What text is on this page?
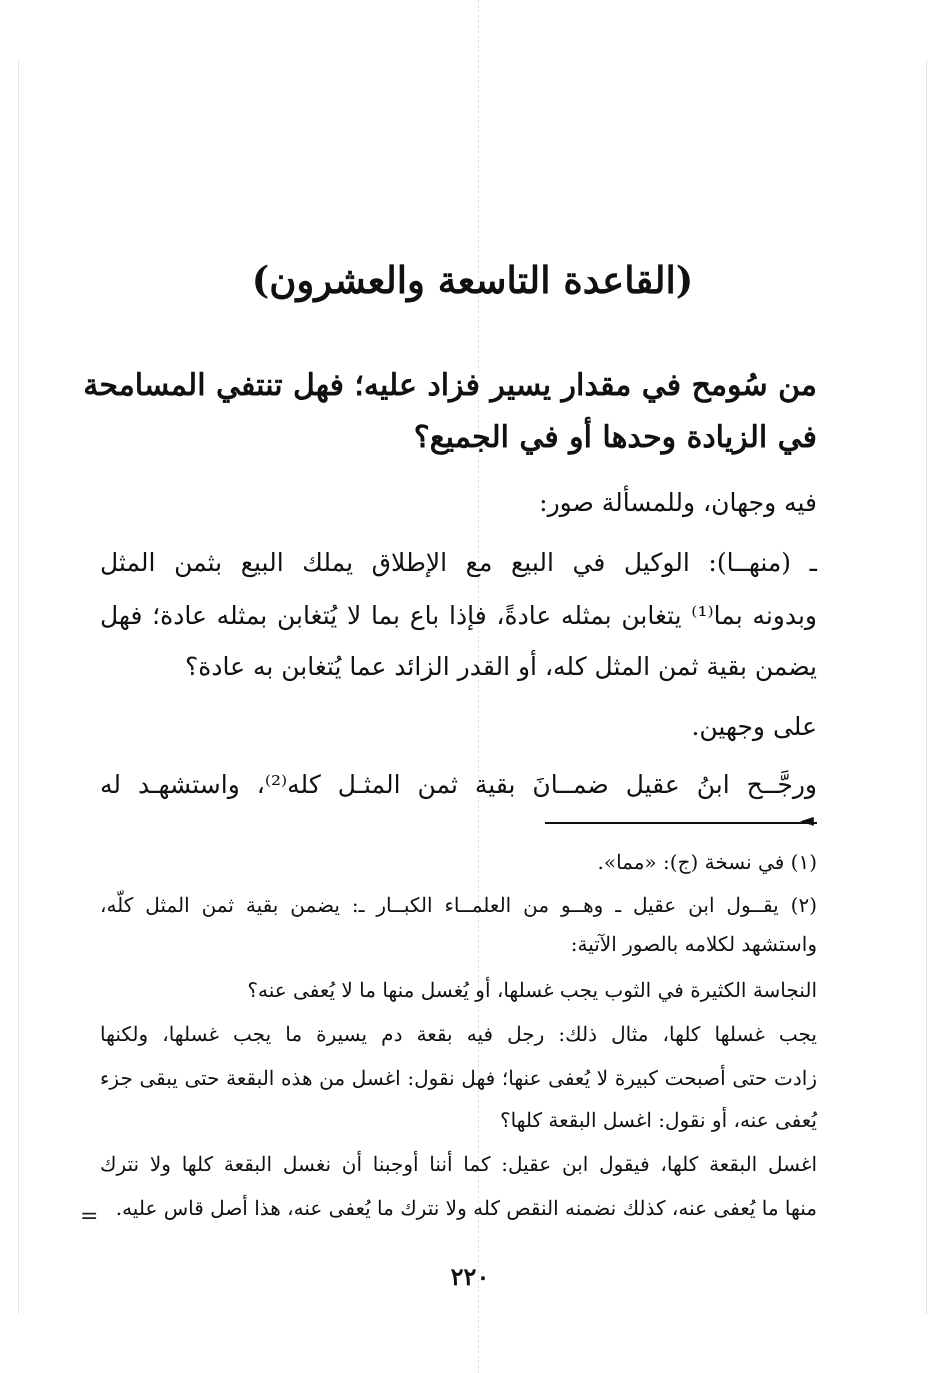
(القاعدة التاسعة والعشرون)
من سُومح في مقدار يسير فزاد عليه؛ فهل تنتفي المسامحة
في الزيادة وحدها أو في الجميع؟
فيه وجهان، وللمسألة صور:
ـ (منهــا): الوكيل في البيع مع الإطلاق يملك البيع بثمن المثل
وبدونه بما⁽¹⁾ يتغابن بمثله عادةً، فإذا باع بما لا يُتغابن بمثله عادة؛ فهل
يضمن بقية ثمن المثل كله، أو القدر الزائد عما يُتغابن به عادة؟
على وجهين.
ورجَّــح ابنُ عقيل ضمــانَ بقية ثمن المثـل كله⁽²⁾، واستشهـد له
◄
(١) في نسخة (ج): «مما».
(٢) يقــول ابن عقيل ـ وهــو من العلمــاء الكبــار ـ: يضمن بقية ثمن المثل كلّه،
واستشهد لكلامه بالصور الآتية:
النجاسة الكثيرة في الثوب يجب غسلها، أو يُغسل منها ما لا يُعفى عنه؟
يجب غسلها كلها، مثال ذلك: رجل فيه بقعة دم يسيرة ما يجب غسلها، ولكنها
زادت حتى أصبحت كبيرة لا يُعفى عنها؛ فهل نقول: اغسل من هذه البقعة حتى يبقى جزء
يُعفى عنه، أو نقول: اغسل البقعة كلها؟
اغسل البقعة كلها، فيقول ابن عقيل: كما أننا أوجبنا أن نغسل البقعة كلها ولا نترك
منها ما يُعفى عنه، كذلك نضمنه النقص كله ولا نترك ما يُعفى عنه، هذا أصل قاس عليه.
=
٢٢٠
